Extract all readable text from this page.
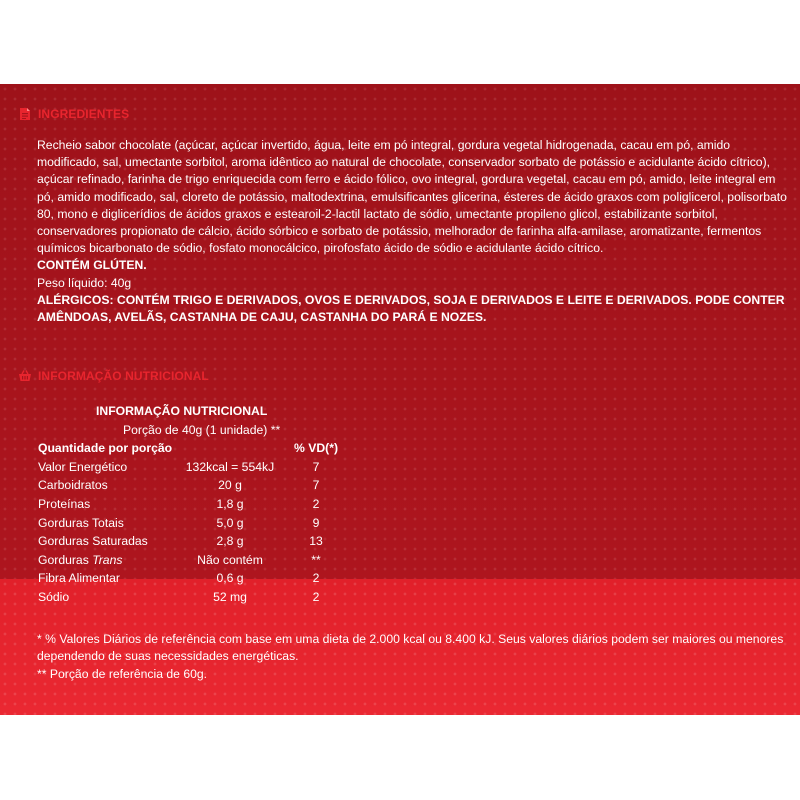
INGREDIENTES

Recheio sabor chocolate (açúcar, açúcar invertido, água, leite em pó integral, gordura vegetal hidrogenada, cacau em pó, amido modificado, sal, umectante sorbitol, aroma idêntico ao natural de chocolate, conservador sorbato de potássio e acidulante ácido cítrico), açúcar refinado, farinha de trigo enriquecida com ferro e ácido fólico, ovo integral, gordura vegetal, cacau em pó, amido, leite integral em pó, amido modificado, sal, cloreto de potássio, maltodextrina, emulsificantes glicerina, ésteres de ácido graxos com poliglicerol, polisorbato 80, mono e diglicerídios de ácidos graxos e estearoil-2-lactil lactato de sódio, umectante propileno glicol, estabilizante sorbitol, conservadores propionato de cálcio, ácido sórbico e sorbato de potássio, melhorador de farinha alfa-amilase, aromatizante, fermentos químicos bicarbonato de sódio, fosfato monocálcico, pirofosfato ácido de sódio e acidulante ácido cítrico.

CONTÉM GLÚTEN.

Peso líquido: 40g

ALÉRGICOS: CONTÉM TRIGO E DERIVADOS, OVOS E DERIVADOS, SOJA E DERIVADOS E LEITE E DERIVADOS. PODE CONTER AMÊNDOAS, AVELÃS, CASTANHA DE CAJU, CASTANHA DO PARÁ E NOZES.

INFORMAÇÃO NUTRICIONAL
INFORMAÇÃO NUTRICIONAL		
Porção de 40g (1 unidade) **		
Quantidade por porção		% VD(*)
Valor Energético	132kcal = 554kJ	7
Carboidratos	20 g	7
Proteínas	1,8 g	2
Gorduras Totais	5,0 g	9
Gorduras Saturadas	2,8 g	13
Gorduras Trans	Não contém	**
Fibra Alimentar	0,6 g	2
Sódio	52 mg	2

* % Valores Diários de referência com base em uma dieta de 2.000 kcal ou 8.400 kJ. Seus valores diários podem ser maiores ou menores dependendo de suas necessidades energéticas.

** Porção de referência de 60g.
